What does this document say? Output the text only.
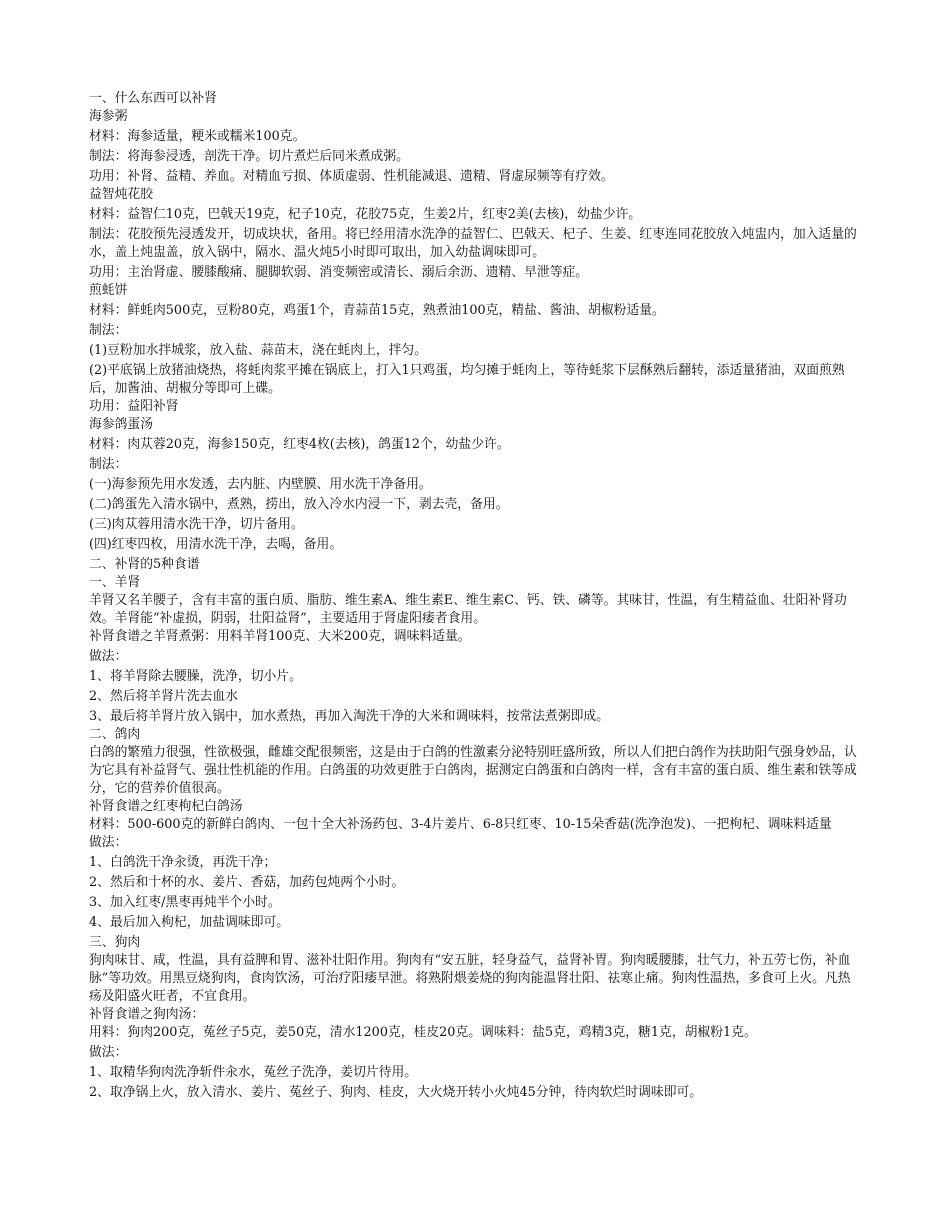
一、什么东西可以补肾

海参粥

材料：海参适量，粳米或糯米100克。

制法：将海参浸透，剖洗干净。切片煮烂后同米煮成粥。

功用：补肾、益精、养血。对精血亏损、体质虚弱、性机能减退、遗精、肾虚尿频等有疗效。

益智炖花胶

材料：益智仁10克，巴戟天19克，杞子10克，花胶75克，生姜2片，红枣2美(去核)，幼盐少许。

制法：花胶预先浸透发开，切成块状，备用。将已经用清水洗净的益智仁、巴戟天、杞子、生姜、红枣连同花胶放入炖盅内，加入适量的水，盖上炖盅盖，放入锅中，隔水、温火炖5小时即可取出，加入幼盐调味即可。

功用：主治肾虚、腰膝酸痛、腿脚软弱、消变频密或清长、溺后余沥、遗精、早泄等症。

煎蚝饼

材料：鲜蚝肉500克，豆粉80克，鸡蛋1个，青蒜苗15克，熟煮油100克，精盐、酱油、胡椒粉适量。

制法：

(1)豆粉加水拌城浆，放入盐、蒜苗末，浇在蚝肉上，拌匀。

(2)平底锅上放猪油烧热，将蚝肉浆平摊在锅底上，打入1只鸡蛋，均匀摊于蚝肉上，等待蚝浆下层酥熟后翻转，添适量猪油，双面煎熟后，加酱油、胡椒分等即可上碟。

功用：益阳补肾

海参鸽蛋汤

材料：肉苁蓉20克，海参150克，红枣4枚(去核)，鸽蛋12个，幼盐少许。

制法：

(一)海参预先用水发透，去内脏、内壁膜、用水洗干净备用。

(二)鸽蛋先入清水锅中，煮熟，捞出，放入冷水内浸一下，剥去壳，备用。

(三)肉苁蓉用清水洗干净，切片备用。

(四)红枣四枚，用清水洗干净，去喝，备用。

二、补肾的5种食谱

一、羊肾

羊肾又名羊腰子，含有丰富的蛋白质、脂肪、维生素A、维生素E、维生素C、钙、铁、磷等。其味甘，性温，有生精益血、壮阳补肾功效。羊肾能“补虚损，阴弱，壮阳益肾”，主要适用于肾虚阳痿者食用。

补肾食谱之羊肾煮粥：用料羊肾100克、大米200克，调味料适量。

做法：

1、将羊肾除去腰臊，洗净，切小片。

2、然后将羊肾片洗去血水

3、最后将羊肾片放入锅中，加水煮热，再加入淘洗干净的大米和调味料，按常法煮粥即成。

二、鸽肉

白鸽的繁殖力很强，性欲极强，雌雄交配很频密，这是由于白鸽的性激素分泌特别旺盛所致，所以人们把白鸽作为扶助阳气强身妙品，认为它具有补益肾气、强壮性机能的作用。白鸽蛋的功效更胜于白鸽肉，据测定白鸽蛋和白鸽肉一样，含有丰富的蛋白质、维生素和铁等成分，它的营养价值很高。

补肾食谱之红枣枸杞白鸽汤

材料：500-600克的新鲜白鸽肉、一包十全大补汤药包、3-4片姜片、6-8只红枣、10-15朵香菇(洗净泡发)、一把枸杞、调味料适量

做法：

1、白鸽洗干净汆烫，再洗干净；

2、然后和十杯的水、姜片、香菇，加药包炖两个小时。

3、加入红枣/黑枣再炖半个小时。

4、最后加入枸杞，加盐调味即可。

三、狗肉

狗肉味甘、咸，性温，具有益脾和胃、滋补壮阳作用。狗肉有“安五脏，轻身益气，益肾补胃。狗肉暖腰膝，壮气力，补五劳七伤，补血脉”等功效。用黑豆烧狗肉，食肉饮汤，可治疗阳痿早泄。将熟附煨姜烧的狗肉能温肾壮阳、祛寒止痛。狗肉性温热，多食可上火。凡热疡及阳盛火旺者，不宜食用。

补肾食谱之狗肉汤：

用料：狗肉200克，菟丝子5克，姜50克，清水1200克，桂皮20克。调味料：盐5克，鸡精3克，糖1克，胡椒粉1克。

做法：

1、取精华狗肉洗净斩件汆水，菟丝子洗净，姜切片待用。

2、取净锅上火，放入清水、姜片、菟丝子、狗肉、桂皮，大火烧开转小火炖45分钟，待肉软烂时调味即可。
